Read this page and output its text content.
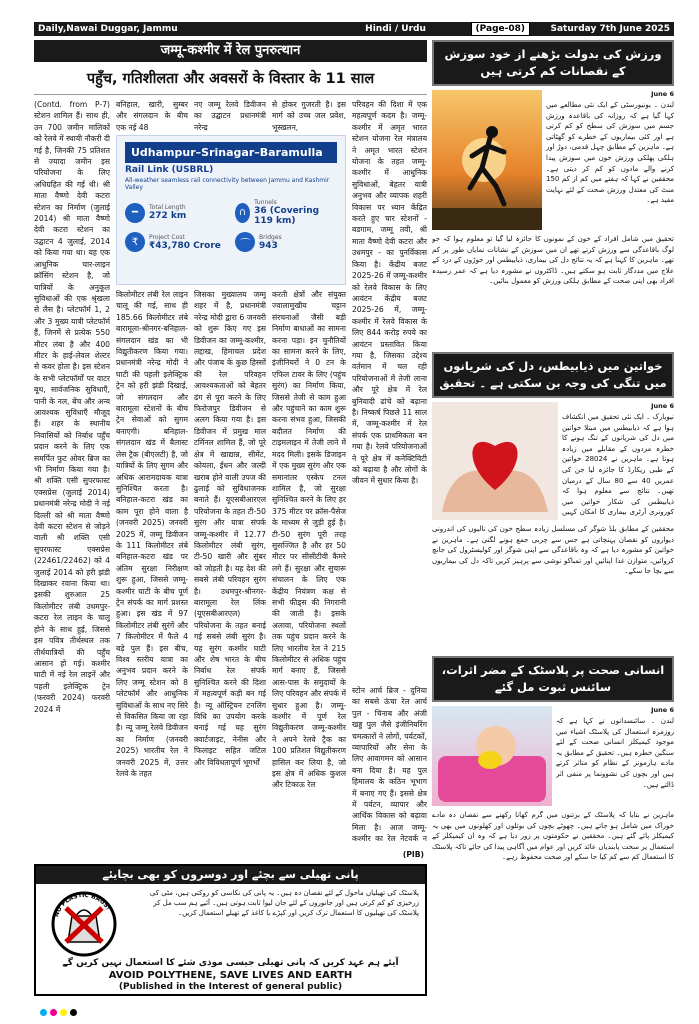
Daily,Nawai Duggar, Jammu	Hindi / Urdu	(Page-08)	Saturday 7th June 2025
जम्मू-कश्मीर में रेल पुनरुत्थान
पहुँच, गतिशीलता और अवसरों के विस्तार के 11 साल
(Contd. from P-7) स्टेशन शामिल हैं। साथ ही, उन 700 जमीन मालिकों को रेलवे में स्थायी नौकरी दी गई है, जिनकी 75 प्रतिशत से ज्यादा जमीन इस परियोजना के लिए अधिग्रहित की गई थी। श्री माता वैष्णो देवी कटरा स्टेशन का निर्माण (जुलाई 2014) श्री माता वैष्णो देवी कटरा स्टेशन का उद्घाटन 4 जुलाई, 2014 को किया गया था। यह एक आधुनिक चार-लाइन क्रॉसिंग स्टेशन है, जो यात्रियों के अनुकूल सुविधाओं की एक श्रृंखला से लैस है। प्लेटफॉर्म 1, 2 और 3 मुख्य यात्री प्लेटफॉर्म हैं, जिनमें से प्रत्येक 550 मीटर लंबा है और 400 मीटर के हाई-लेवल शेल्टर से कवर होता है। इस स्टेशन के सभी प्लेटफॉर्मों पर वाटर बूथ, सार्वजनिक सुविधाएँ, पानी के नल, बेंच और अन्य आवश्यक सुविधाएँ मौजूद हैं। शहर के स्थानीय निवासियों को निर्बाध पहुँच प्रदान करने के लिए एक समर्पित फुट ओवर ब्रिज का भी निर्माण किया गया है। श्री शक्ति एसी सुपरफास्ट एक्सप्रेस (जुलाई 2014) प्रधानमंत्री नरेन्द्र मोदी ने नई दिल्ली को श्री माता वैष्णो देवी कटरा स्टेशन से जोड़ने वाली श्री शक्ति एसी सुपरफास्ट एक्सप्रेस (22461/22462) को 4 जुलाई 2014 को हरी झंडी दिखाकर रवाना किया था। इसकी शुरुआत 25 किलोमीटर लंबी उधमपुर-कटरा रेल लाइन के चालू होने के साथ हुई, जिससे इस पवित्र तीर्थस्थल तक तीर्थयात्रियों की पहुँच आसान हो गई। कश्मीर घाटी में नई रेल लाइनें और पहली इलेक्ट्रिक ट्रेन (फरवरी 2024) फरवरी 2024 में
बनिहाल, खारी, सुम्बर और संगलदान के बीच एक नई 48
नए जम्मू रेलवे डिवीजन का उद्घाटन प्रधानमंत्री नरेन्द्र
से होकर गुजरती है। इस मार्ग को उच्च जल प्रवेश, भूस्खलन,
परिवहन की दिशा में एक महत्वपूर्ण कदम है। जम्मू-कश्मीर में अमृत भारत स्टेशन योजना रेल मंत्रालय ने अमृत भारत स्टेशन योजना के तहत जम्मू-कश्मीर में आधुनिक सुविधाओं, बेहतर यात्री अनुभव और व्यापक शहरी विकास पर ध्यान केंद्रित करते हुए चार स्टेशनों - बडगाम, जम्मू तवी, श्री माता वैष्णो देवी कटरा और उधमपुर - का पुनर्विकास किया है। केंद्रीय बजट 2025-26 में जम्मू-कश्मीर को रेलवे विकास के लिए आवंटन केंद्रीय बजट 2025-26 में, जम्मू-कश्मीर में रेलवे विकास के लिए 844 करोड़ रुपये का आवंटन प्रस्तावित किया गया है, जिसका उद्देश्य वर्तमान में चल रही परियोजनाओं में तेजी लाना और पूरे क्षेत्र में रेल बुनियादी ढांचे को बढ़ाना है। निष्कर्ष पिछले 11 साल में, जम्मू-कश्मीर में रेल संपर्क एक प्राथमिकता बन गया है। रेलवे परियोजनाओं ने पूरे क्षेत्र में कनेक्टिविटी को बढ़ाया है और लोगों के जीवन में सुधार किया है।
Udhampur–Srinagar–Baramulla
Rail Link (USBRL)
All-weather seamless rail connectivity between Jammu and Kashmir Valley
━	Total Length
272 km	∩
Tunnels
36 (Covering 119 km)
₹	Project Cost
₹43,780 Crore	⌒
Bridges
943
किलोमीटर लंबी रेल लाइन चालू की गई, साथ ही 185.66 किलोमीटर लंबे बारामूला-श्रीनगर-बनिहाल-संगलदान खंड का भी विद्युतीकरण किया गया। प्रधानमंत्री नरेन्द्र मोदी ने घाटी की पहली इलेक्ट्रिक ट्रेन को हरी झंडी दिखाई, जो संगलदान और बारामूला स्टेशनों के बीच ट्रेन सेवाओं को सुगम बनाएगी। बनिहाल-संगलदान खंड में बैलास्ट लेस ट्रैक (बीएलटी) है, जो यात्रियों के लिए सुगम और अधिक आरामदायक यात्रा सुनिश्चित करता है। बनिहाल-कटरा खंड का काम पूरा होने वाला है (जनवरी 2025) जनवरी 2025 में, जम्मू डिवीजन के 111 किलोमीटर लंबे बनिहाल-कटरा खंड पर अंतिम सुरक्षा निरीक्षण शुरू हुआ, जिससे जम्मू-कश्मीर घाटी के बीच पूर्ण ट्रेन संपर्क का मार्ग प्रशस्त हुआ। इस खंड में 97 किलोमीटर लंबी सुरंगें और 7 किलोमीटर में फैले 4 बड़े पुल हैं। इस बीच, विश्व स्तरीय यात्रा का अनुभव प्रदान करने के लिए जम्मू स्टेशन को 8 प्लेटफॉर्म और आधुनिक सुविधाओं के साथ नए सिरे से विकसित किया जा रहा है। न्यू जम्मू रेलवे डिवीजन का निर्माण (जनवरी 2025) भारतीय रेल ने जनवरी 2025 में, उत्तर रेलवे के तहत
जिसका मुख्यालय जम्मू शहर में है, प्रधानमंत्री नरेन्द्र मोदी द्वारा 6 जनवरी को शुरू किए गए इस डिवीजन का जम्मू-कश्मीर, लद्दाख, हिमाचल प्रदेश और पंजाब के कुछ हिस्सों की रेल परिवहन आवश्यकताओं को बेहतर ढंग से पूरा करने के लिए फिरोजपुर डिवीजन से अलग किया गया है। इस डिवीजन में प्रमुख माल टर्मिनल शामिल हैं, जो पूरे क्षेत्र में खाद्यान्न, सीमेंट, कोयला, ईंधन और जल्दी खराब होने वाली उपज की ढुलाई को सुविधाजनक बनाते हैं। यूएसबीआरएल परियोजना के तहत टी-50 सुरंग और यात्रा संपर्क जम्मू-कश्मीर में 12.77 किलोमीटर लंबी सुरंग, टी-50 खारी और सुंबर को जोड़ती है। यह देश की सबसे लंबी परिवहन सुरंग है। उधमपुर-श्रीनगर-बारामूला रेल लिंक (यूएसबीआरएल) परियोजना के तहत बनाई गई सबसे लंबी सुरंग है। यह सुरंग कश्मीर घाटी और शेष भारत के बीच निर्बाध रेल संपर्क सुनिश्चित करने की दिशा में महत्वपूर्ण कड़ी बन गई है। न्यू ऑस्ट्रियन टनलिंग विधि का उपयोग करके बनाई गई यह सुरंग क्वार्टजाइट, नेनीस और फिलाइट सहित जटिल और विविधतापूर्ण भूगर्भों
करती क्षेत्रों और संयुक्त ज्वालामुखीय चट्टान संरचनाओं जैसी बड़ी निर्माण बाधाओं का सामना करना पड़ा। इन चुनौतियों का सामना करने के लिए, इंजीनियरों ने 0 टन के एफिल टावर के लिए (पहुंच सुरंग) का निर्माण किया, जिससे तेजी से काम हुआ और पहुंचाने का काम शुरू करना संभव हुआ, जिसकी बदौलत निर्माण की टाइमलाइन में तेजी लाने में मदद मिली। इसके डिजाइन में एक मुख्य सुरंग और एक समानांतर एस्केप टनल शामिल है, जो सुरक्षा सुनिश्चित करने के लिए हर 375 मीटर पर क्रॉस-पैसेज के माध्यम से जुड़ी हुई है। टी-50 सुरंग पूरी तरह सुसज्जित है और हर 50 मीटर पर सीसीटीवी कैमरे लगे हैं। सुरक्षा और सुचारू संचालन के लिए एक केंद्रीय नियंत्रण कक्ष से सभी फीड्स की निगरानी की जाती है। इसके अलावा, परियोजना स्थलों तक पहुंच प्रदान करने के लिए भारतीय रेल ने 215 किलोमीटर से अधिक पहुंच मार्ग बनाए हैं, जिससे आस-पास के समुदायों के लिए परिवहन और संपर्क में सुधार हुआ है। जम्मू-कश्मीर में पूर्ण रेल विद्युतीकरण जम्मू-कश्मीर ने अपने रेलवे ट्रैक का 100 प्रतिशत विद्युतीकरण हासिल कर लिया है, जो इस क्षेत्र में अधिक कुशल और टिकाऊ रेल
स्टोन आर्च ब्रिज - दुनिया का सबसे ऊंचा रेल आर्च पुल - चिनाब और अंजी खड्ड पुल जैसे इंजीनियरिंग चमत्कारों ने लोगों, पर्यटकों, व्यापारियों और सेना के लिए आवागमन को आसान बना दिया है। यह पुल हिमालय के कठिन भूभाग में बनाए गए हैं। इससे क्षेत्र में पर्यटन, व्यापार और आर्थिक विकास को बढ़ावा मिला है। आज जम्मू-कश्मीर का रेल नेटवर्क न
(PIB)
پانی تھیلی سے بچئے اور دوسروں کو بھی بچایئے
NO PLASTIC BAGS!
پلاسٹک کی تھیلیاں ماحول کے لئے نقصان دہ ہیں۔ یہ پانی کی نکاسی کو روکتی ہیں، مٹی کی زرخیزی کو کم کرتی ہیں اور جانوروں کے لئے جان لیوا ثابت ہوتی ہیں۔ آئیے ہم سب مل کر پلاسٹک کی تھیلیوں کا استعمال ترک کریں اور کپڑے یا کاغذ کے تھیلے استعمال کریں۔
آیئے ہم عہد کریں کہ پانی تھیلی جیسی موذی شئے کا استعمال نہیں کریں گے
AVOID POLYTHENE, SAVE LIVES AND EARTH
(Published in the Interest of general public)
ورزش کی بدولت بڑھنے از خود سوزش کے نقصانات کم کرتی ہیں
6 June
لندن ۔ یونیورسٹی کے ایک نئی مطالعے میں کہا گیا ہے کہ روزانہ کی باقاعدہ ورزش جسم میں سوزش کی سطح کو کم کرتی ہے اور کئی بیماریوں کے خطرے کو گھٹاتی ہے۔ ماہرین کے مطابق چہل قدمی، دوڑ اور ہلکی پھلکی ورزش خون میں سوزش پیدا کرنے والے مادوں کو کم کر دیتی ہے۔ محققین نے کہا کہ ہفتے میں کم از کم 150 منٹ کی معتدل ورزش صحت کے لئے نہایت مفید ہے۔
تحقیق میں شامل افراد کے خون کے نمونوں کا جائزہ لیا گیا تو معلوم ہوا کہ جو لوگ باقاعدگی سے ورزش کرتے تھے ان میں سوزش کے نشانات نمایاں طور پر کم تھے۔ ماہرین کا کہنا ہے کہ یہ نتائج دل کی بیماری، ذیابیطس اور جوڑوں کے درد کے علاج میں مددگار ثابت ہو سکتے ہیں۔ ڈاکٹروں نے مشورہ دیا ہے کہ عمر رسیدہ افراد بھی اپنی صحت کے مطابق ہلکی ورزش کو معمول بنائیں۔
خواتین میں ذیابیطس، دل کی شریانوں میں تنگی کی وجہ بن سکتی ہے ۔ تحقیق
6 June
نیویارک ۔ ایک نئی تحقیق میں انکشاف ہوا ہے کہ ذیابیطس میں مبتلا خواتین میں دل کی شریانوں کے تنگ ہونے کا خطرہ مردوں کے مقابلے میں زیادہ ہوتا ہے۔ ماہرین نے 28024 خواتین کے طبی ریکارڈ کا جائزہ لیا جن کی عمریں 40 سے 80 سال کے درمیان تھیں۔ نتائج سے معلوم ہوا کہ ذیابیطس کی شکار خواتین میں کورونری آرٹری بیماری کا امکان کہیں
محققین کے مطابق بلڈ شوگر کی مسلسل زیادہ سطح خون کی نالیوں کی اندرونی دیواروں کو نقصان پہنچاتی ہے جس سے چربی جمع ہونے لگتی ہے۔ ماہرین نے خواتین کو مشورہ دیا ہے کہ وہ باقاعدگی سے اپنی شوگر اور کولیسٹرول کی جانچ کروائیں، متوازن غذا اپنائیں اور تمباکو نوشی سے پرہیز کریں تاکہ دل کی بیماریوں سے بچا جا سکے۔
انسانی صحت پر پلاسٹک کے مضر اثرات، سائنس ثبوت مل گئے
6 June
لندن ۔ سائنسدانوں نے کہا ہے کہ روزمرہ استعمال کی پلاسٹک اشیاء میں موجود کیمیکلز انسانی صحت کے لئے سنگین خطرہ ہیں۔ تحقیق کے مطابق یہ مادے ہارمونز کے نظام کو متاثر کرتے ہیں اور بچوں کی نشوونما پر منفی اثر ڈالتے ہیں۔
ماہرین نے بتایا کہ پلاسٹک کے برتنوں میں گرم کھانا رکھنے سے نقصان دہ مادے خوراک میں شامل ہو جاتے ہیں۔ چھوٹے بچوں کی بوتلوں اور کھلونوں میں بھی یہ کیمیکلز پائے گئے ہیں۔ محققین نے حکومتوں پر زور دیا ہے کہ وہ ان کیمیکلز کے استعمال پر سخت پابندیاں عائد کریں اور عوام میں آگاہی پیدا کی جائے تاکہ پلاسٹک کا استعمال کم سے کم کیا جا سکے اور صحت محفوظ رہے۔
